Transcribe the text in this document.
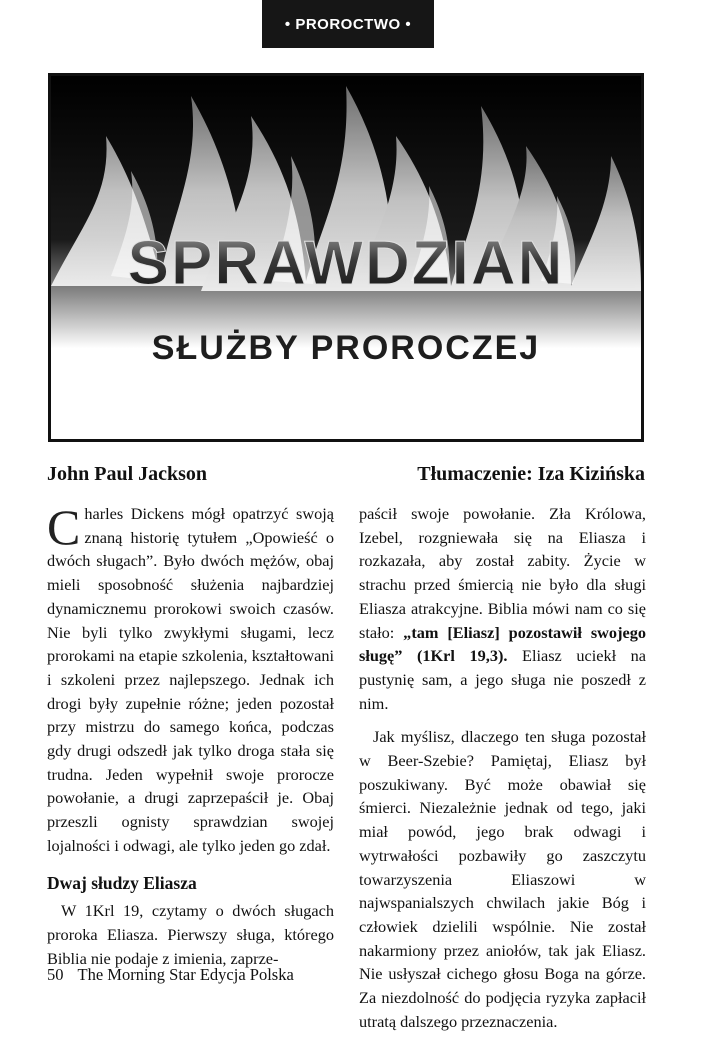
• PROROCTWO •
SPRAWDZIAN
SŁUŻBY PROROCZEJ
John Paul Jackson	Tłumaczenie: Iza Kizińska

Charles Dickens mógł opatrzyć swoją znaną historię tytułem „Opowieść o dwóch sługach”. Było dwóch mężów, obaj mieli sposobność służenia najbardziej dynamicznemu prorokowi swoich czasów. Nie byli tylko zwykłymi sługami, lecz prorokami na etapie szkolenia, kształtowani i szkoleni przez najlepszego. Jednak ich drogi były zupełnie różne; jeden pozostał przy mistrzu do samego końca, podczas gdy drugi odszedł jak tylko droga stała się trudna. Jeden wypełnił swoje prorocze powołanie, a drugi zaprzepaścił je. Obaj przeszli ognisty sprawdzian swojej lojalności i odwagi, ale tylko jeden go zdał.

Dwaj słudzy Eliasza

W 1Krl 19, czytamy o dwóch sługach proroka Eliasza. Pierwszy sługa, którego Biblia nie podaje z imienia, zaprze-

paścił swoje powołanie. Zła Królowa, Izebel, rozgniewała się na Eliasza i rozkazała, aby został zabity. Życie w strachu przed śmiercią nie było dla sługi Eliasza atrakcyjne. Biblia mówi nam co się stało: „tam [Eliasz] pozostawił swojego sługę” (1Krl 19,3). Eliasz uciekł na pustynię sam, a jego sługa nie poszedł z nim.

Jak myślisz, dlaczego ten sługa pozostał w Beer-Szebie? Pamiętaj, Eliasz był poszukiwany. Być może obawiał się śmierci. Niezależnie jednak od tego, jaki miał powód, jego brak odwagi i wytrwałości pozbawiły go zaszczytu towarzyszenia Eliaszowi w najwspanialszych chwilach jakie Bóg i człowiek dzielili wspólnie. Nie został nakarmiony przez aniołów, tak jak Eliasz. Nie usłyszał cichego głosu Boga na górze. Za niezdolność do podjęcia ryzyka zapłacił utratą dalszego przeznaczenia.

50 The Morning Star Edycja Polska
